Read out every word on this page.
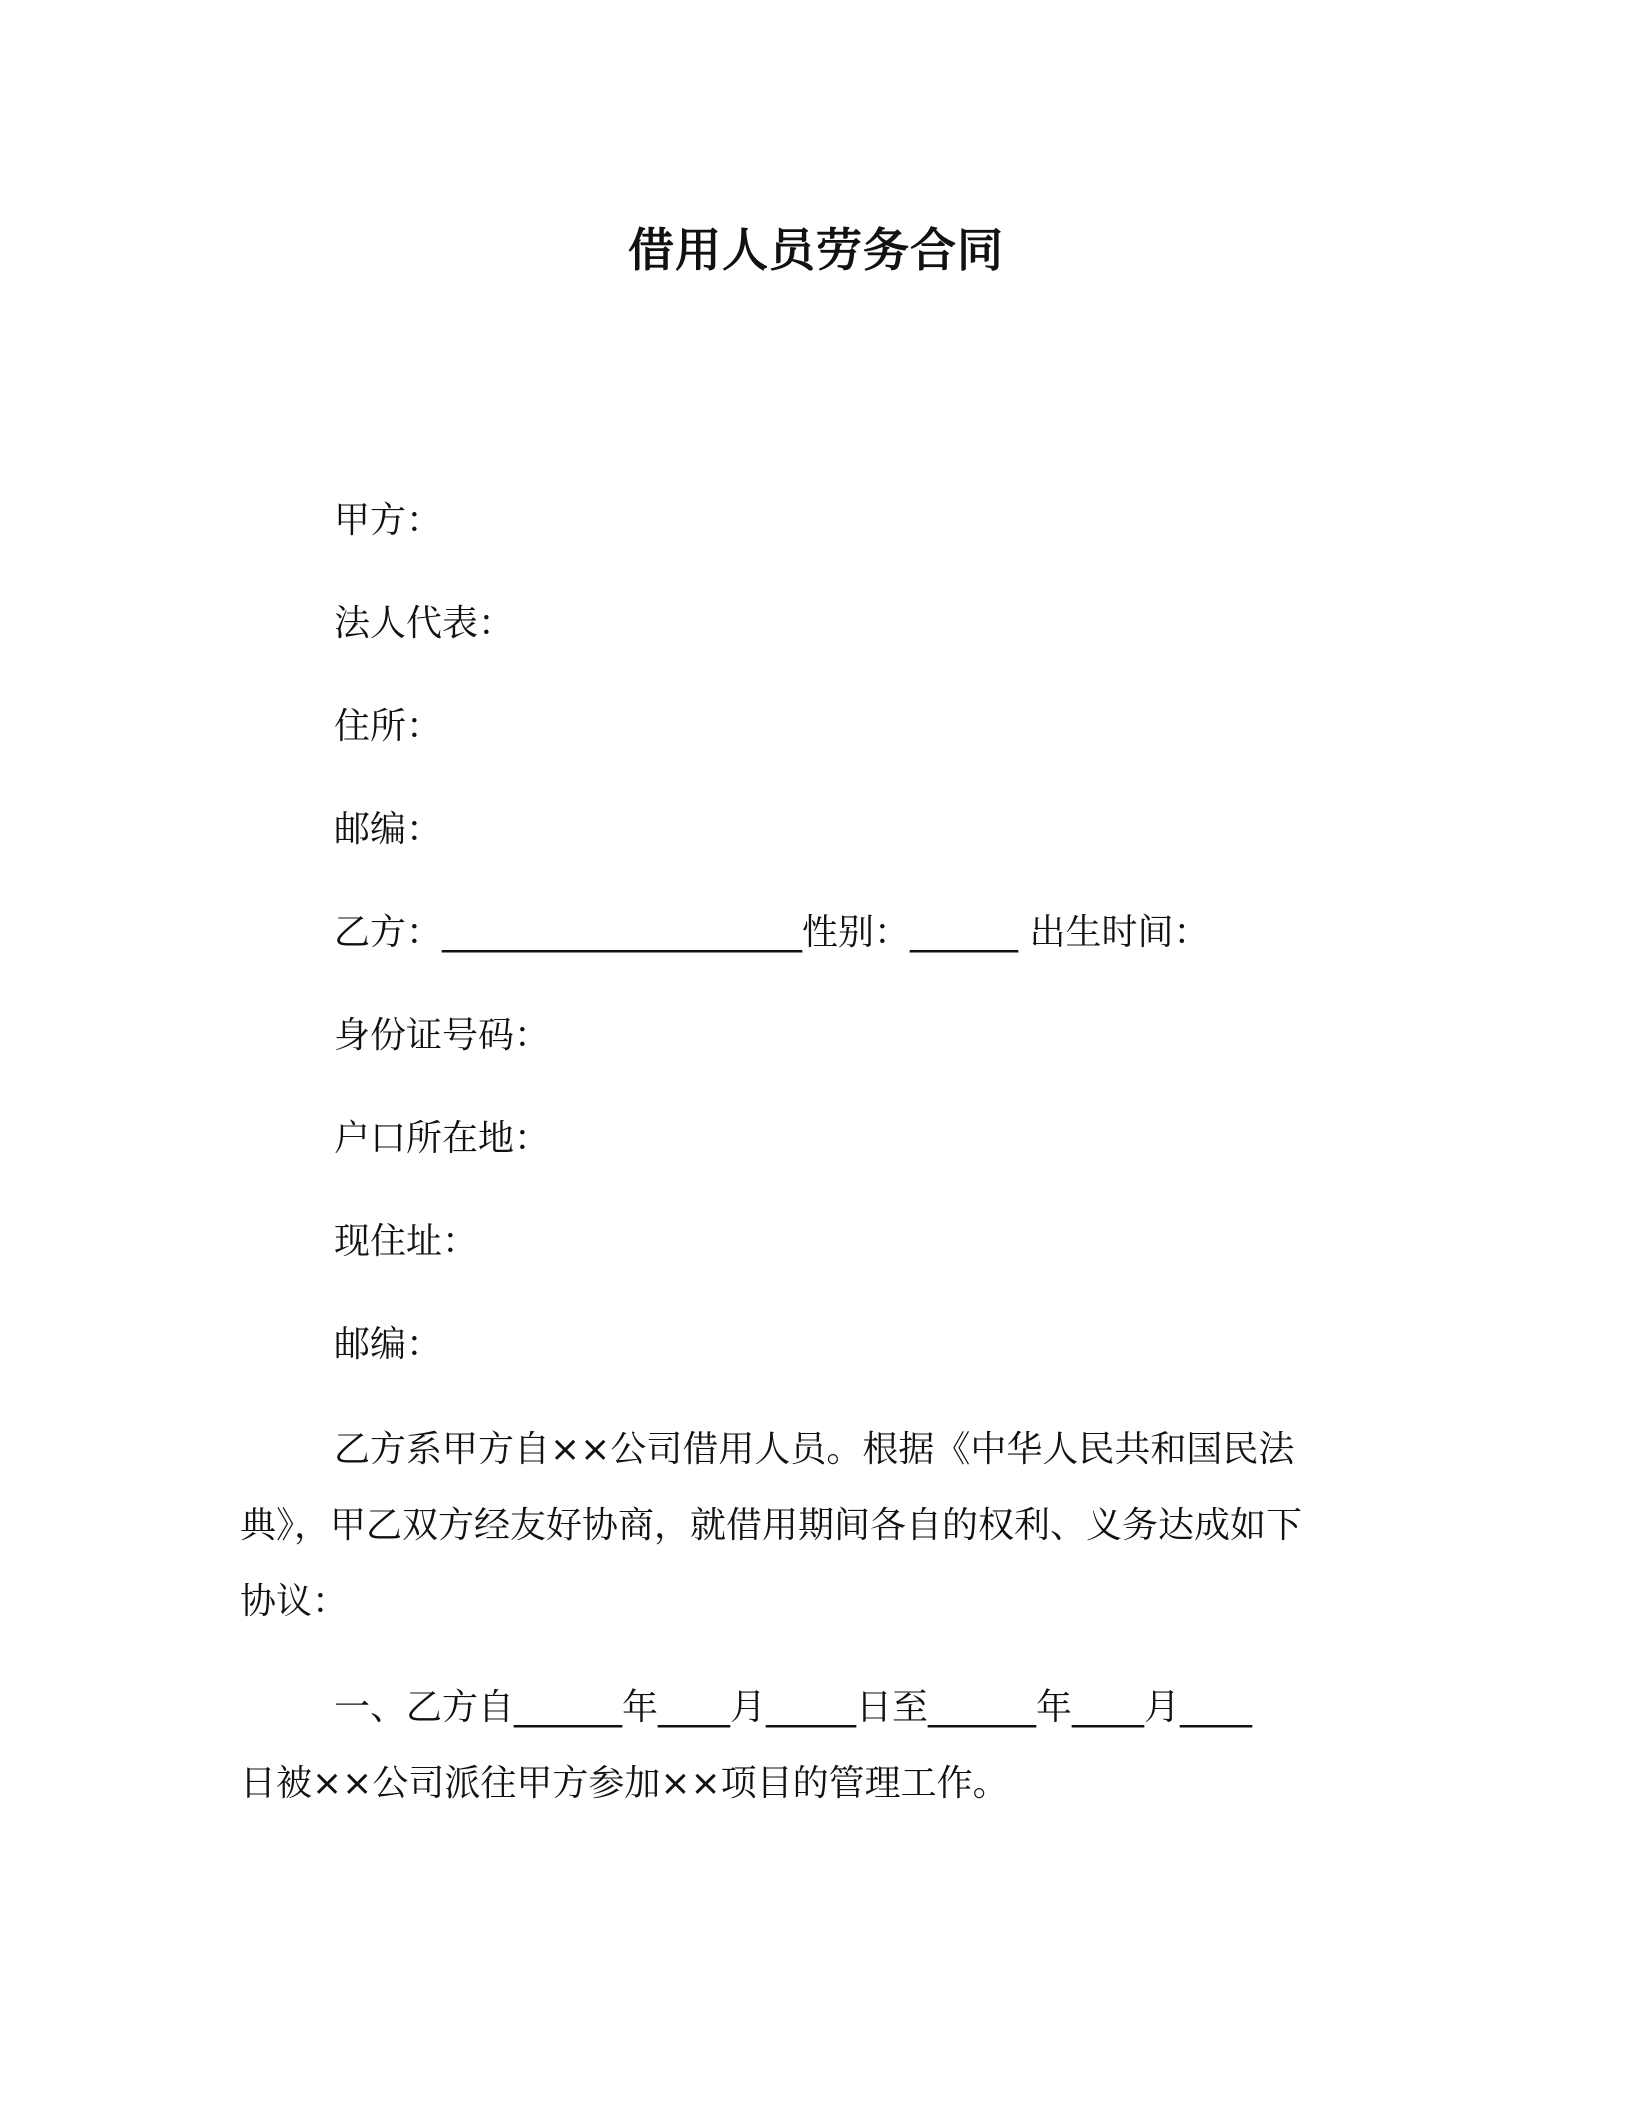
借用人员劳务合同
甲方：
法人代表：
住所：
邮编：
乙方：____________________性别：______ 出生时间：
身份证号码：
户口所在地：
现住址：
邮编：
乙方系甲方自××公司借用人员。根据《中华人民共和国民法
典》，甲乙双方经友好协商，就借用期间各自的权利、义务达成如下
协议：
一、乙方自______年____月_____日至______年____月____
日被××公司派往甲方参加××项目的管理工作。
